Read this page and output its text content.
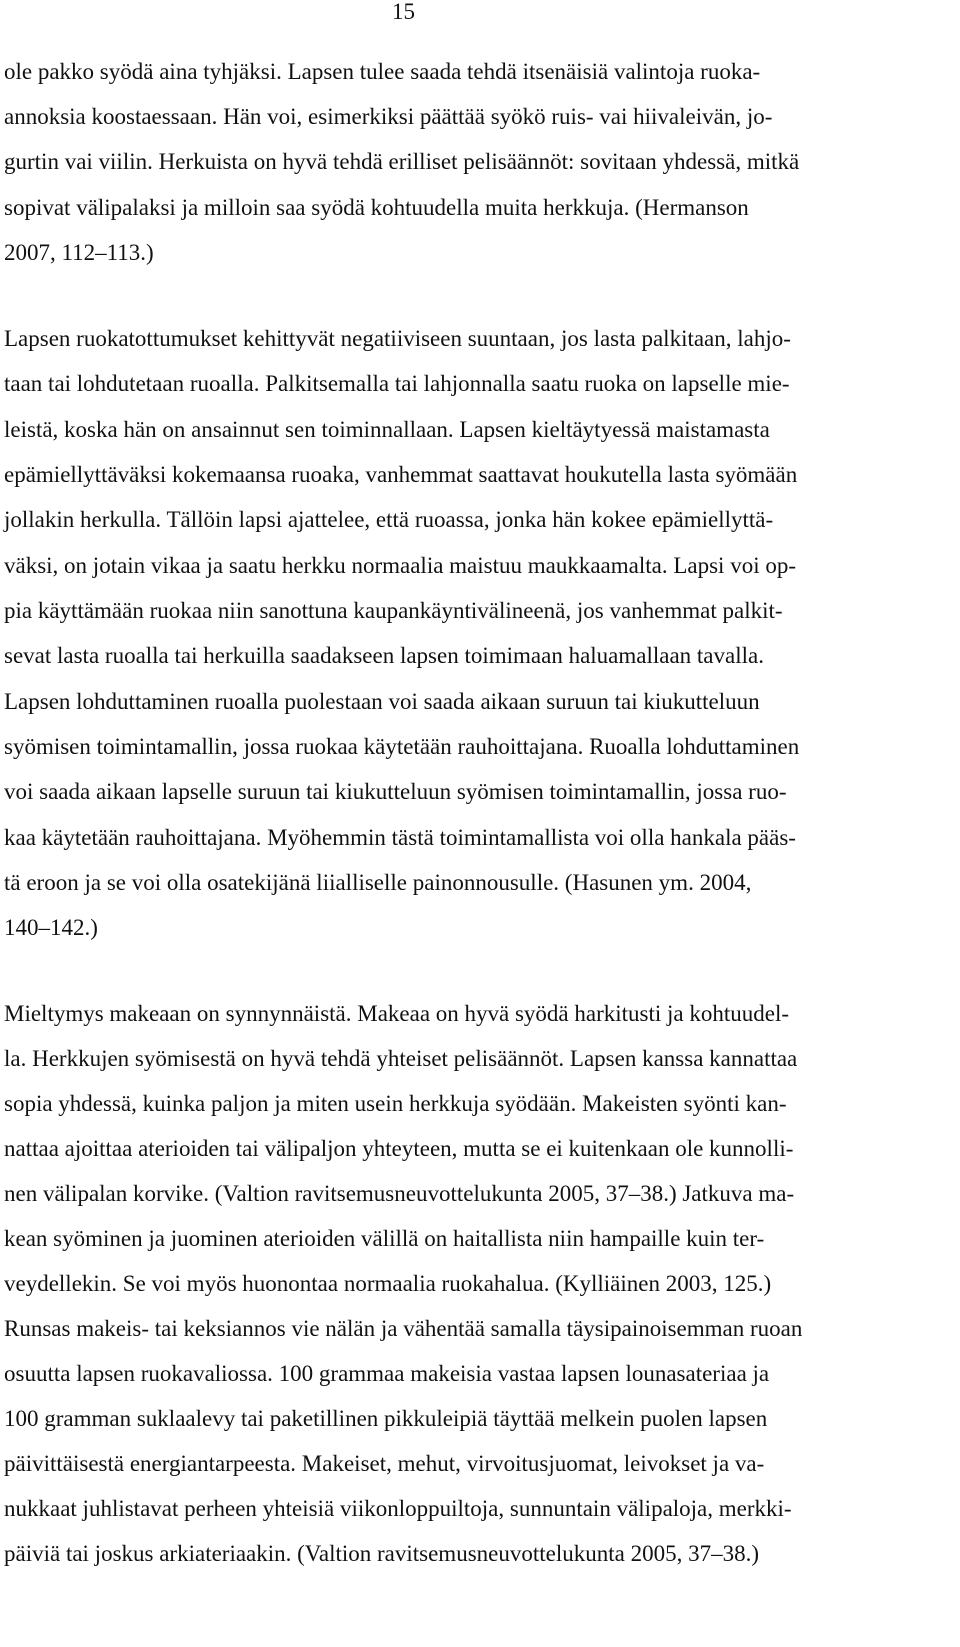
15
ole pakko syödä aina tyhjäksi. Lapsen tulee saada tehdä itsenäisiä valintoja ruoka-
annoksia koostaessaan. Hän voi, esimerkiksi päättää syökö ruis- vai hiivaleivän, jo-
gurtin vai viilin. Herkuista on hyvä tehdä erilliset pelisäännöt: sovitaan yhdessä, mitkä
sopivat välipalaksi ja milloin saa syödä kohtuudella muita herkkuja. (Hermanson
2007, 112–113.)
Lapsen ruokatottumukset kehittyvät negatiiviseen suuntaan, jos lasta palkitaan, lahjo-
taan tai lohdutetaan ruoalla. Palkitsemalla tai lahjonnalla saatu ruoka on lapselle mie-
leistä, koska hän on ansainnut sen toiminnallaan. Lapsen kieltäytyessä maistamasta
epämiellyttäväksi kokemaansa ruoaka, vanhemmat saattavat houkutella lasta syömään
jollakin herkulla. Tällöin lapsi ajattelee, että ruoassa, jonka hän kokee epämiellyttä-
väksi, on jotain vikaa ja saatu herkku normaalia maistuu maukkaamalta. Lapsi voi op-
pia käyttämään ruokaa niin sanottuna kaupankäyntivälineenä, jos vanhemmat palkit-
sevat lasta ruoalla tai herkuilla saadakseen lapsen toimimaan haluamallaan tavalla.
Lapsen lohduttaminen ruoalla puolestaan voi saada aikaan suruun tai kiukutteluun
syömisen toimintamallin, jossa ruokaa käytetään rauhoittajana. Ruoalla lohduttaminen
voi saada aikaan lapselle suruun tai kiukutteluun syömisen toimintamallin, jossa ruo-
kaa käytetään rauhoittajana. Myöhemmin tästä toimintamallista voi olla hankala pääs-
tä eroon ja se voi olla osatekijänä liialliselle painonnousulle. (Hasunen ym. 2004,
140–142.)
Mieltymys makeaan on synnynnäistä. Makeaa on hyvä syödä harkitusti ja kohtuudel-
la. Herkkujen syömisestä on hyvä tehdä yhteiset pelisäännöt. Lapsen kanssa kannattaa
sopia yhdessä, kuinka paljon ja miten usein herkkuja syödään. Makeisten syönti kan-
nattaa ajoittaa aterioiden tai välipaljon yhteyteen, mutta se ei kuitenkaan ole kunnolli-
nen välipalan korvike. (Valtion ravitsemusneuvottelukunta 2005, 37–38.) Jatkuva ma-
kean syöminen ja juominen aterioiden välillä on haitallista niin hampaille kuin ter-
veydellekin. Se voi myös huonontaa normaalia ruokahalua. (Kylliäinen 2003, 125.)
Runsas makeis- tai keksiannos vie nälän ja vähentää samalla täysipainoisemman ruoan
osuutta lapsen ruokavaliossa. 100 grammaa makeisia vastaa lapsen lounasateriaa ja
100 gramman suklaalevy tai paketillinen pikkuleipiä täyttää melkein puolen lapsen
päivittäisestä energiantarpeesta. Makeiset, mehut, virvoitusjuomat, leivokset ja va-
nukkaat juhlistavat perheen yhteisiä viikonloppuiltoja, sunnuntain välipaloja, merkki-
päiviä tai joskus arkiateriaakin. (Valtion ravitsemusneuvottelukunta 2005, 37–38.)
